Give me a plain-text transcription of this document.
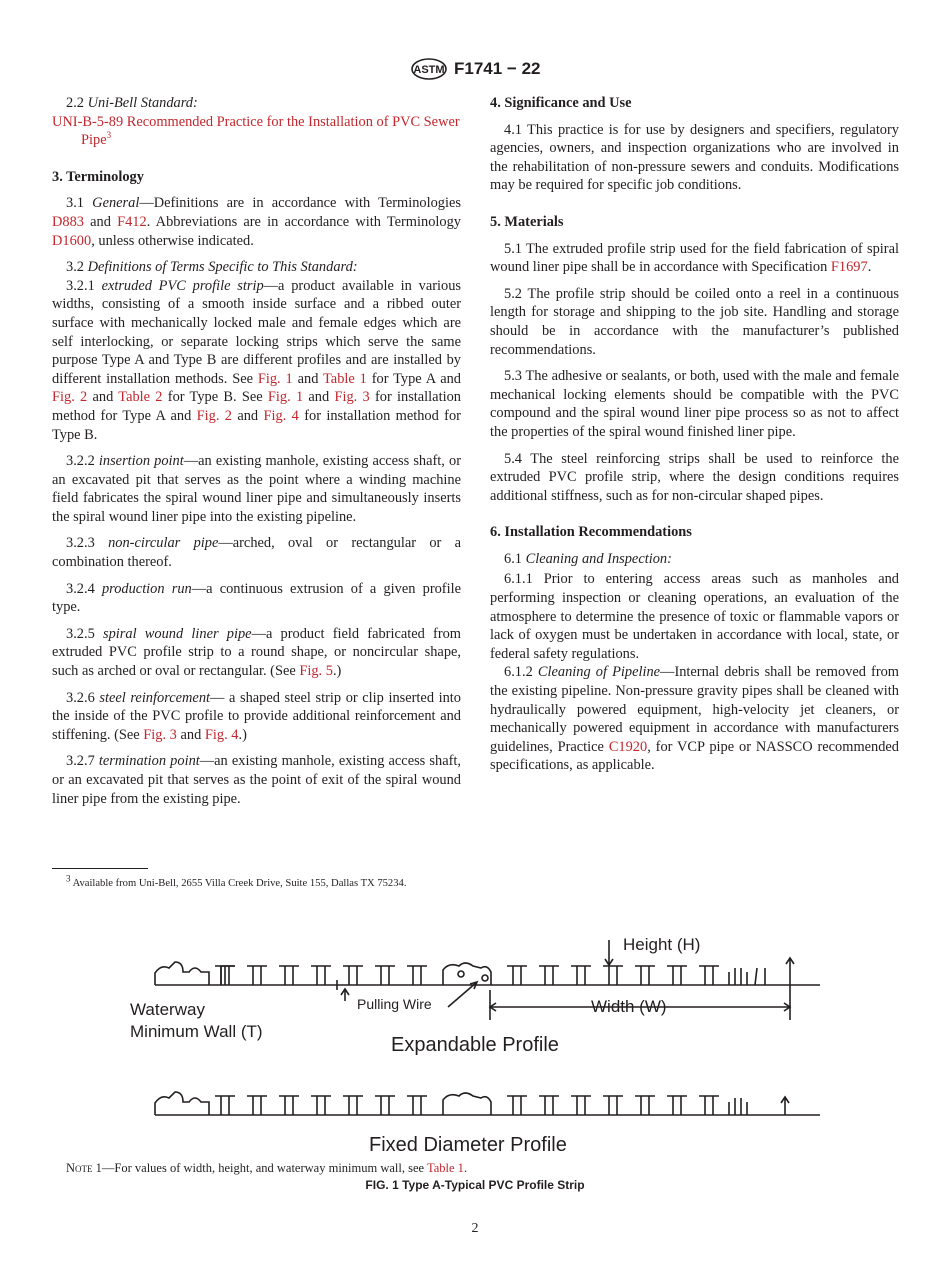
ASTM F1741 − 22

2.2 Uni-Bell Standard:

UNI-B-5-89 Recommended Practice for the Installation of PVC Sewer Pipe$^3$

3. Terminology

3.1 General—Definitions are in accordance with Terminologies D883 and F412. Abbreviations are in accordance with Terminology D1600, unless otherwise indicated.

3.2 Definitions of Terms Specific to This Standard:

3.2.1 extruded PVC profile strip—a product available in various widths, consisting of a smooth inside surface and a ribbed outer surface with mechanically locked male and female edges which are self interlocking, or separate locking strips which serve the same purpose Type A and Type B are different profiles and are installed by different installation methods. See Fig. 1 and Table 1 for Type A and Fig. 2 and Table 2 for Type B. See Fig. 1 and Fig. 3 for installation method for Type A and Fig. 2 and Fig. 4 for installation method for Type B.

3.2.2 insertion point—an existing manhole, existing access shaft, or an excavated pit that serves as the point where a winding machine field fabricates the spiral wound liner pipe and simultaneously inserts the spiral wound liner pipe into the existing pipeline.

3.2.3 non-circular pipe—arched, oval or rectangular or a combination thereof.

3.2.4 production run—a continuous extrusion of a given profile type.

3.2.5 spiral wound liner pipe—a product field fabricated from extruded PVC profile strip to a round shape, or noncircular shape, such as arched or oval or rectangular. (See Fig. 5.)

3.2.6 steel reinforcement— a shaped steel strip or clip inserted into the inside of the PVC profile to provide additional reinforcement and stiffening. (See Fig. 3 and Fig. 4.)

3.2.7 termination point—an existing manhole, existing access shaft, or an excavated pit that serves as the point of exit of the spiral wound liner pipe from the existing pipe.

$^3$ Available from Uni-Bell, 2655 Villa Creek Drive, Suite 155, Dallas TX 75234.

4. Significance and Use

4.1 This practice is for use by designers and specifiers, regulatory agencies, owners, and inspection organizations who are involved in the rehabilitation of non-pressure sewers and conduits. Modifications may be required for specific job conditions.

5. Materials

5.1 The extruded profile strip used for the field fabrication of spiral wound liner pipe shall be in accordance with Specification F1697.

5.2 The profile strip should be coiled onto a reel in a continuous length for storage and shipping to the job site. Handling and storage should be in accordance with the manufacturer’s published recommendations.

5.3 The adhesive or sealants, or both, used with the male and female mechanical locking elements should be compatible with the PVC compound and the spiral wound liner pipe process so as not to affect the properties of the spiral wound finished liner pipe.

5.4 The steel reinforcing strips shall be used to reinforce the extruded PVC profile strip, where the design conditions requires additional stiffness, such as for non-circular shaped pipes.

6. Installation Recommendations

6.1 Cleaning and Inspection:

6.1.1 Prior to entering access areas such as manholes and performing inspection or cleaning operations, an evaluation of the atmosphere to determine the presence of toxic or flammable vapors or lack of oxygen must be undertaken in accordance with local, state, or federal safety regulations.

6.1.2 Cleaning of Pipeline—Internal debris shall be removed from the existing pipeline. Non-pressure gravity pipes shall be cleaned with hydraulically powered equipment, high-velocity jet cleaners, or mechanically powered equipment in accordance with manufacturers guidelines, Practice C1920, for VCP pipe or NASSCO recommended specifications, as applicable.

Height (H)
Waterway
Minimum Wall (T)
Pulling Wire	Width (W)
Expandable Profile
Fixed Diameter Profile
Note 1—For values of width, height, and waterway minimum wall, see Table 1.
FIG. 1 Type A-Typical PVC Profile Strip
2
